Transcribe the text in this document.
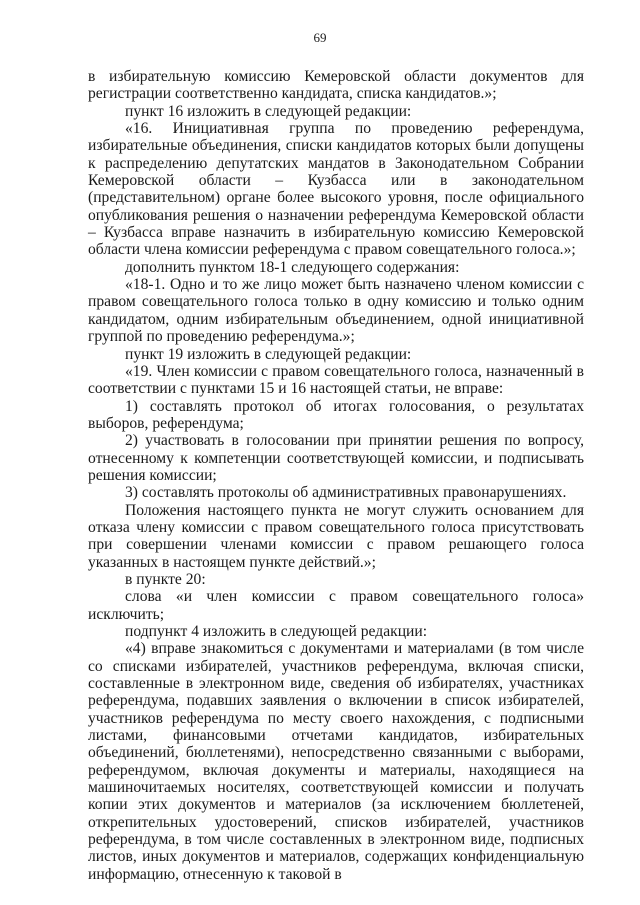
69

в избирательную комиссию Кемеровской области документов для регистрации соответственно кандидата, списка кандидатов.»;

пункт 16 изложить в следующей редакции:

«16. Инициативная группа по проведению референдума, избирательные объединения, списки кандидатов которых были допущены к распределению депутатских мандатов в Законодательном Собрании Кемеровской области – Кузбасса или в законодательном (представительном) органе более высокого уровня, после официального опубликования решения о назначении референдума Кемеровской области – Кузбасса вправе назначить в избирательную комиссию Кемеровской области члена комиссии референдума с правом совещательного голоса.»;

дополнить пунктом 18-1 следующего содержания:

«18-1. Одно и то же лицо может быть назначено членом комиссии с правом совещательного голоса только в одну комиссию и только одним кандидатом, одним избирательным объединением, одной инициативной группой по проведению референдума.»;

пункт 19 изложить в следующей редакции:

«19. Член комиссии с правом совещательного голоса, назначенный в соответствии с пунктами 15 и 16 настоящей статьи, не вправе:

1) составлять протокол об итогах голосования, о результатах выборов, референдума;

2) участвовать в голосовании при принятии решения по вопросу, отнесенному к компетенции соответствующей комиссии, и подписывать решения комиссии;

3) составлять протоколы об административных правонарушениях.

Положения настоящего пункта не могут служить основанием для отказа члену комиссии с правом совещательного голоса присутствовать при совершении членами комиссии с правом решающего голоса указанных в настоящем пункте действий.»;

в пункте 20:

слова «и член комиссии с правом совещательного голоса» исключить;

подпункт 4 изложить в следующей редакции:

«4) вправе знакомиться с документами и материалами (в том числе со списками избирателей, участников референдума, включая списки, составленные в электронном виде, сведения об избирателях, участниках референдума, подавших заявления о включении в список избирателей, участников референдума по месту своего нахождения, с подписными листами, финансовыми отчетами кандидатов, избирательных объединений, бюллетенями), непосредственно связанными с выборами, референдумом, включая документы и материалы, находящиеся на машиночитаемых носителях, соответствующей комиссии и получать копии этих документов и материалов (за исключением бюллетеней, открепительных удостоверений, списков избирателей, участников референдума, в том числе составленных в электронном виде, подписных листов, иных документов и материалов, содержащих конфиденциальную информацию, отнесенную к таковой в
